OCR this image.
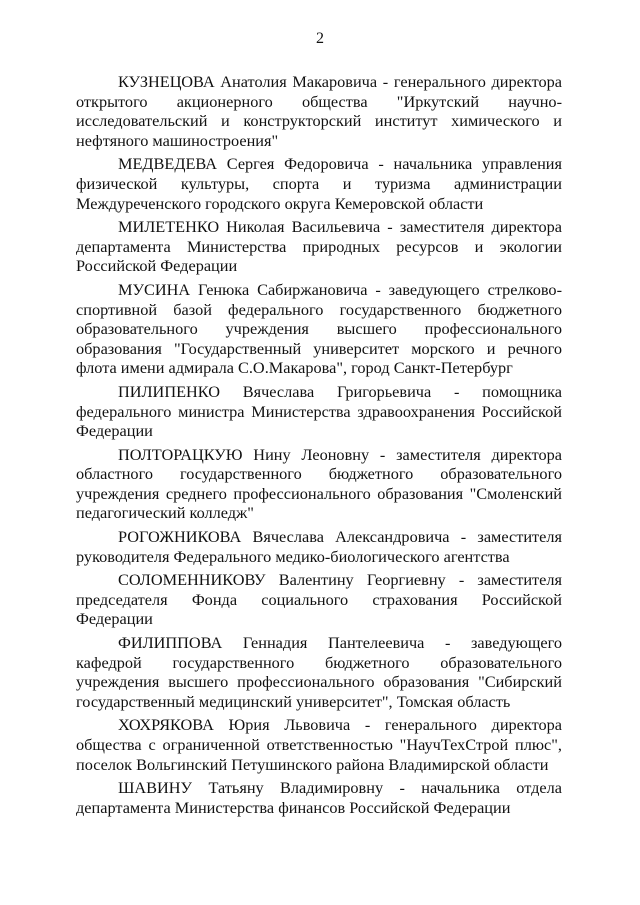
2

КУЗНЕЦОВА Анатолия Макаровича - генерального директора открытого акционерного общества "Иркутский научно-исследовательский и конструкторский институт химического и нефтяного машиностроения"

МЕДВЕДЕВА Сергея Федоровича - начальника управления физической культуры, спорта и туризма администрации Междуреченского городского округа Кемеровской области

МИЛЕТЕНКО Николая Васильевича - заместителя директора департамента Министерства природных ресурсов и экологии Российской Федерации

МУСИНА Генюка Сабиржановича - заведующего стрелково-спортивной базой федерального государственного бюджетного образовательного учреждения высшего профессионального образования "Государственный университет морского и речного флота имени адмирала С.О.Макарова", город Санкт-Петербург

ПИЛИПЕНКО Вячеслава Григорьевича - помощника федерального министра Министерства здравоохранения Российской Федерации

ПОЛТОРАЦКУЮ Нину Леоновну - заместителя директора областного государственного бюджетного образовательного учреждения среднего профессионального образования "Смоленский педагогический колледж"

РОГОЖНИКОВА Вячеслава Александровича - заместителя руководителя Федерального медико-биологического агентства

СОЛОМЕННИКОВУ Валентину Георгиевну - заместителя председателя Фонда социального страхования Российской Федерации

ФИЛИППОВА Геннадия Пантелеевича - заведующего кафедрой государственного бюджетного образовательного учреждения высшего профессионального образования "Сибирский государственный медицинский университет", Томская область

ХОХРЯКОВА Юрия Львовича - генерального директора общества с ограниченной ответственностью "НаучТехСтрой плюс", поселок Вольгинский Петушинского района Владимирской области

ШАВИНУ Татьяну Владимировну - начальника отдела департамента Министерства финансов Российской Федерации
